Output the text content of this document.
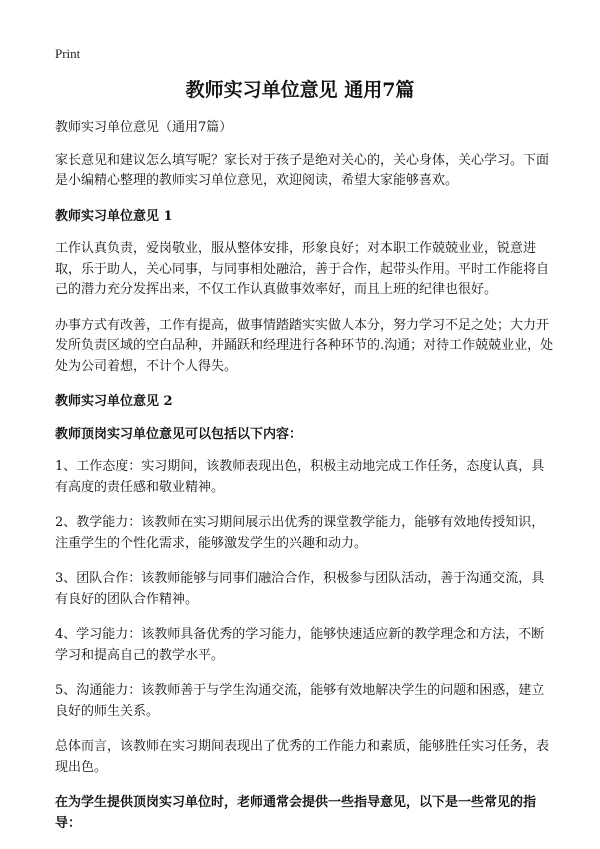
Print
教师实习单位意见 通用7篇

教师实习单位意见（通用7篇）

家长意见和建议怎么填写呢？家长对于孩子是绝对关心的，关心身体，关心学习。下面是小编精心整理的教师实习单位意见，欢迎阅读，希望大家能够喜欢。

教师实习单位意见 1

工作认真负责，爱岗敬业，服从整体安排，形象良好；对本职工作兢兢业业，锐意进取，乐于助人，关心同事，与同事相处融洽，善于合作，起带头作用。平时工作能将自己的潜力充分发挥出来，不仅工作认真做事效率好，而且上班的纪律也很好。

办事方式有改善，工作有提高，做事情踏踏实实做人本分，努力学习不足之处；大力开发所负责区域的空白品种，并踊跃和经理进行各种环节的.沟通；对待工作兢兢业业，处处为公司着想，不计个人得失。

教师实习单位意见 2

教师顶岗实习单位意见可以包括以下内容：

1、工作态度：实习期间，该教师表现出色，积极主动地完成工作任务，态度认真，具有高度的责任感和敬业精神。

2、教学能力：该教师在实习期间展示出优秀的课堂教学能力，能够有效地传授知识，注重学生的个性化需求，能够激发学生的兴趣和动力。

3、团队合作：该教师能够与同事们融洽合作，积极参与团队活动，善于沟通交流，具有良好的团队合作精神。

4、学习能力：该教师具备优秀的学习能力，能够快速适应新的教学理念和方法，不断学习和提高自己的教学水平。

5、沟通能力：该教师善于与学生沟通交流，能够有效地解决学生的问题和困惑，建立良好的师生关系。

总体而言，该教师在实习期间表现出了优秀的工作能力和素质，能够胜任实习任务，表现出色。

在为学生提供顶岗实习单位时，老师通常会提供一些指导意见，以下是一些常见的指导：
